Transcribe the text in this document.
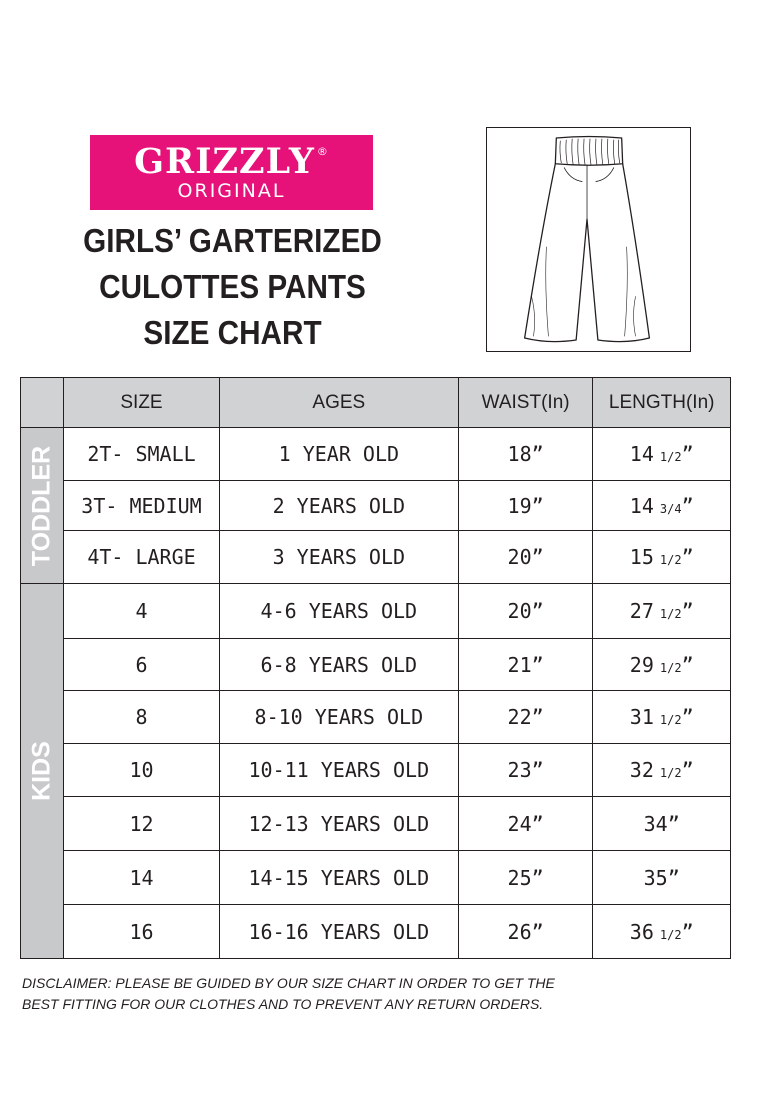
GRIZZLY ®
ORIGINAL
GIRLS’ GARTERIZED
CULOTTES PANTS
SIZE CHART
	SIZE	AGES	WAIST(In)	LENGTH(In)

TODDLER	2T- SMALL	1 YEAR OLD	18”	14 1/2”
	3T- MEDIUM	2 YEARS OLD	19”	14 3/4”
	4T- LARGE	3 YEARS OLD	20”	15 1/2”

KIDS	4	4-6 YEARS OLD	20”	27 1/2”
	6	6-8 YEARS OLD	21”	29 1/2”
	8	8-10 YEARS OLD	22”	31 1/2”
	10	10-11 YEARS OLD	23”	32 1/2”
	12	12-13 YEARS OLD	24”	34”
	14	14-15 YEARS OLD	25”	35”
	16	16-16 YEARS OLD	26”	36 1/2”
DISCLAIMER: PLEASE BE GUIDED BY OUR SIZE CHART IN ORDER TO GET THE
BEST FITTING FOR OUR CLOTHES AND TO PREVENT ANY RETURN ORDERS.
